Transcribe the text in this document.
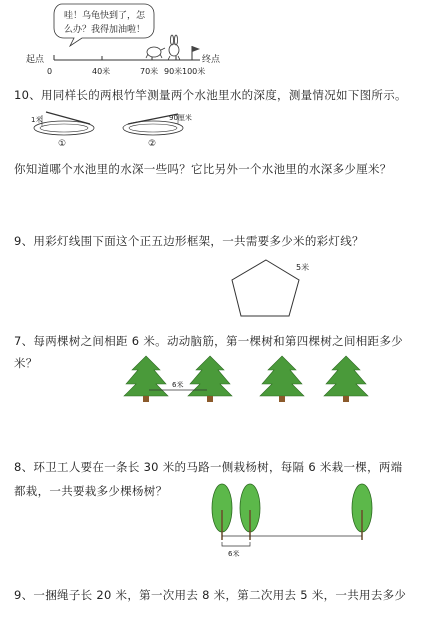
哇！乌龟快到了，怎
么办？我得加油啦！
起点	终点
0	40米	70米 90米 100米
10、用同样长的两根竹竿测量两个水池里水的深度，测量情况如下图所示。
1米
①
90厘米
②
你知道哪个水池里的水深一些吗？它比另外一个水池里的水深多少厘米？
9、用彩灯线围下面这个正五边形框架，一共需要多少米的彩灯线？
5米
7、每两棵树之间相距 6 米。动动脑筋，第一棵树和第四棵树之间相距多少
米？
6米
8、环卫工人要在一条长 30 米的马路一侧栽杨树，每隔 6 米栽一棵，两端
都栽，一共要栽多少棵杨树？
6米
9、一捆绳子长 20 米，第一次用去 8 米，第二次用去 5 米，一共用去多少
